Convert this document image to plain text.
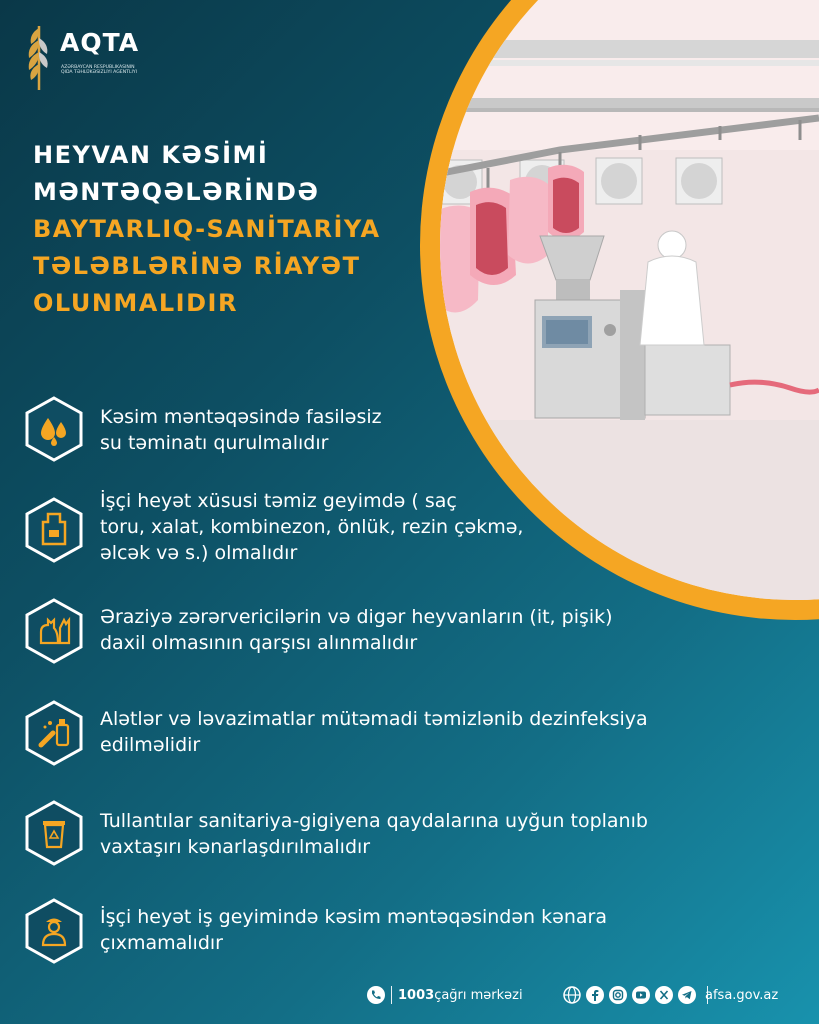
AQTA
AZƏRBAYCAN RESPUBLIKASININ QIDA TƏHLÜKƏSIZLIYI AGENTLIYI
HEYVAN KƏSİMİ
MƏNTƏQƏLƏRİNDƏ
BAYTARLIQ-SANİTARİYA
TƏLƏBLƏRİNƏ RİAYƏT
OLUNMALIDIR
Kəsim məntəqəsində fasiləsiz
su təminatı qurulmalıdır
İşçi heyət xüsusi təmiz geyimdə ( saç
toru, xalat, kombinezon, önlük, rezin çəkmə,
əlcək və s.) olmalıdır
Əraziyə zərərvericilərin və digər heyvanların (it, pişik)
daxil olmasının qarşısı alınmalıdır
Alətlər və ləvazimatlar mütəmadi təmizlənib dezinfeksiya
edilməlidir
Tullantılar sanitariya-gigiyena qaydalarına uyğun toplanıb
vaxtaşırı kənarlaşdırılmalıdır
İşçi heyət iş geyimində kəsim məntəqəsindən kənara
çıxmamalıdır
1003 çağrı mərkəzi	afsa.gov.az
